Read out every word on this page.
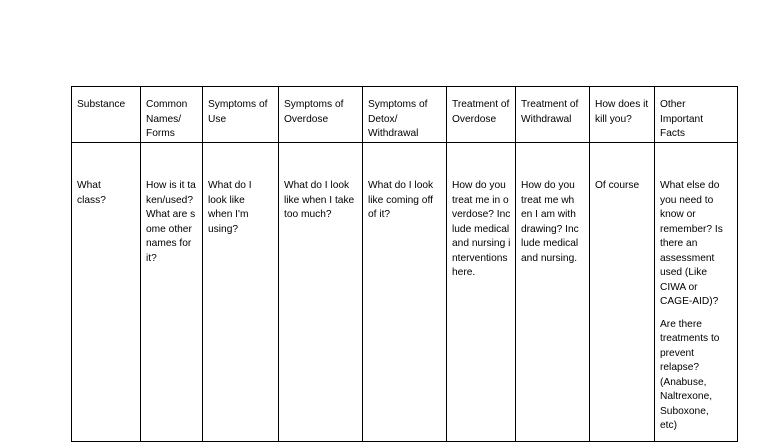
Substance	Common Names/ Forms	Symptoms of Use	Symptoms of Overdose	Symptoms of Detox/ Withdrawal	Treatment of Overdose	Treatment of Withdrawal	How does it kill you?	Other Important Facts

What class?	How is it taken/used? What are some other names for it?	What do I look like when I'm using?	What do I look like when I take too much?	What do I look like coming off of it?	How do you treat me in overdose? Include medical and nursing interventions here.	How do you treat me when I am withdrawing? Include medical and nursing.	Of course	What else do you need to know or remember? Is there an assessment used (Like CIWA or CAGE-AID)?
Are there treatments to prevent relapse? (Anabuse, Naltrexone, Suboxone, etc)
